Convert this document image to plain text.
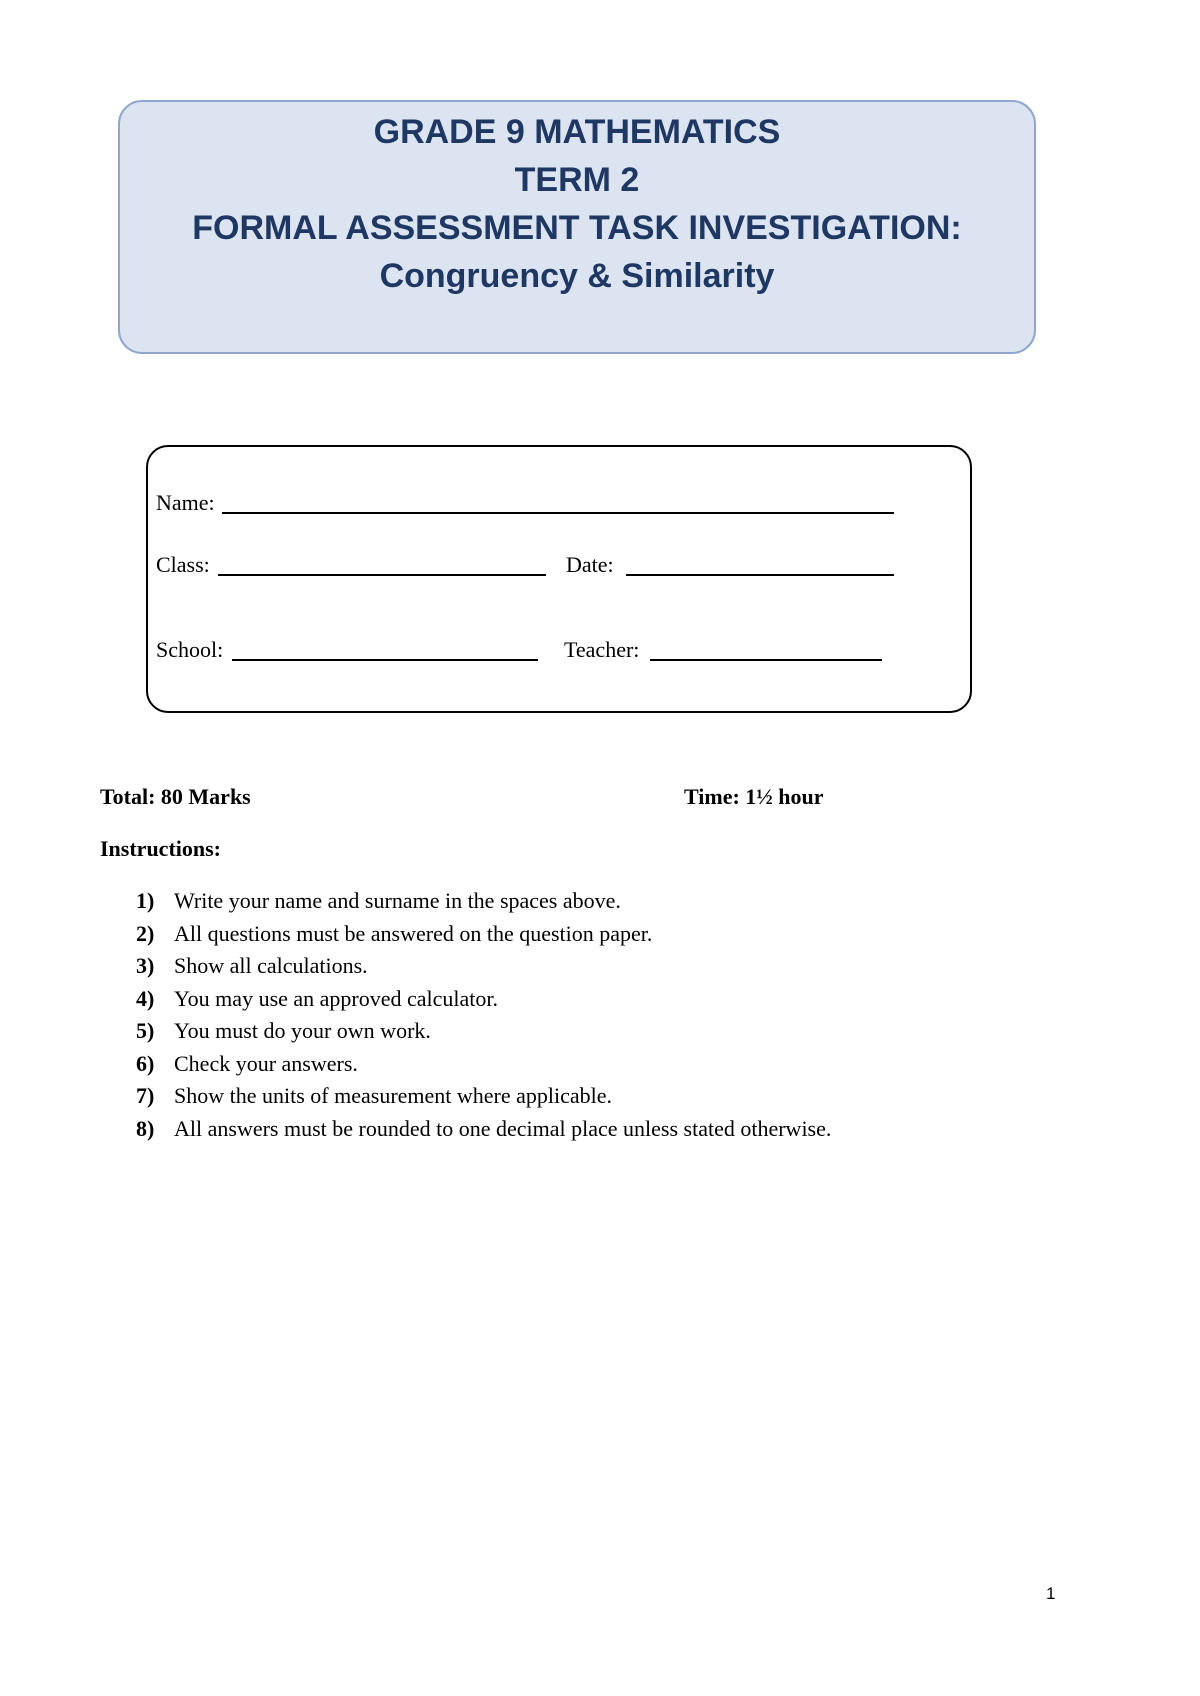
GRADE 9 MATHEMATICS
TERM 2
FORMAL ASSESSMENT TASK INVESTIGATION:
Congruency & Similarity
Name:
Class:	Date:
School:	Teacher:
Total: 80 Marks	Time: 1½ hour
Instructions:
1) Write your name and surname in the spaces above.
2) All questions must be answered on the question paper.
3) Show all calculations.
4) You may use an approved calculator.
5) You must do your own work.
6) Check your answers.
7) Show the units of measurement where applicable.
8) All answers must be rounded to one decimal place unless stated otherwise.
1
